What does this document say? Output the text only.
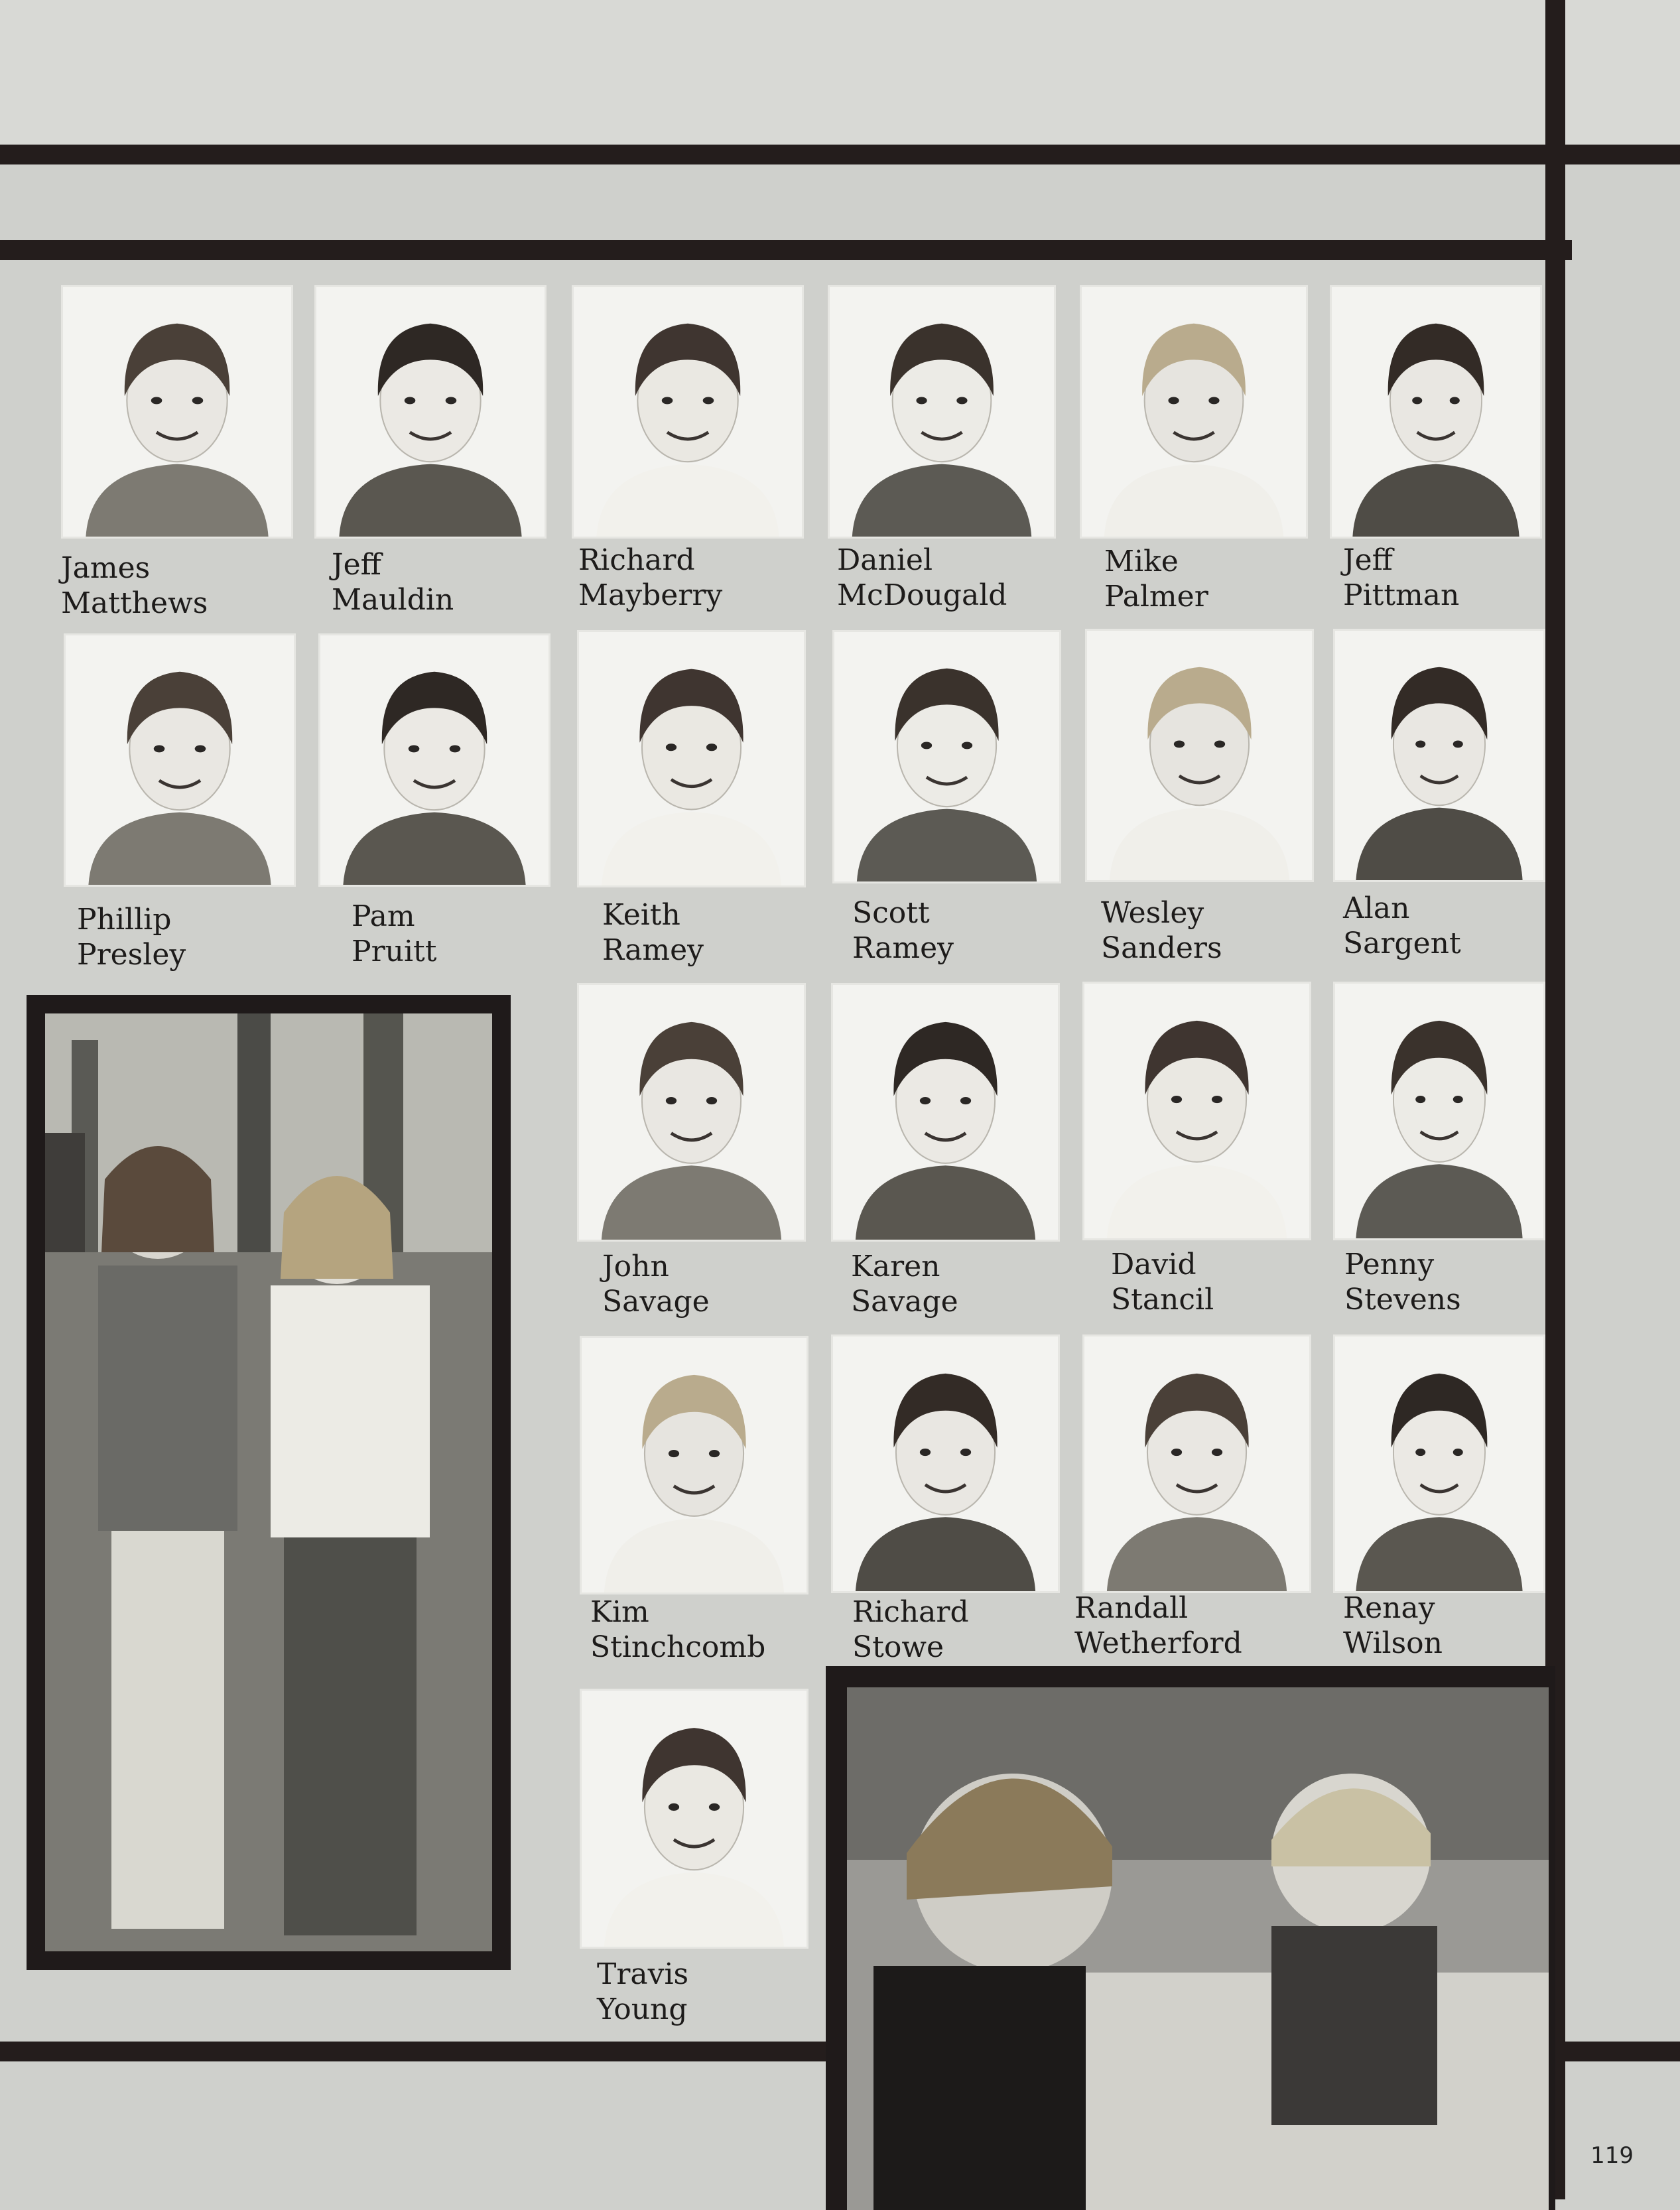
James
Matthews
Jeff
Mauldin
Richard
Mayberry
Daniel
McDougald
Mike
Palmer
Jeff
Pittman
Phillip
Presley
Pam
Pruitt
Keith
Ramey
Scott
Ramey
Wesley
Sanders
Alan
Sargent
John
Savage
Karen
Savage
David
Stancil
Penny
Stevens
Kim
Stinchcomb
Richard
Stowe
Randall
Wetherford
Renay
Wilson
Travis
Young
119
